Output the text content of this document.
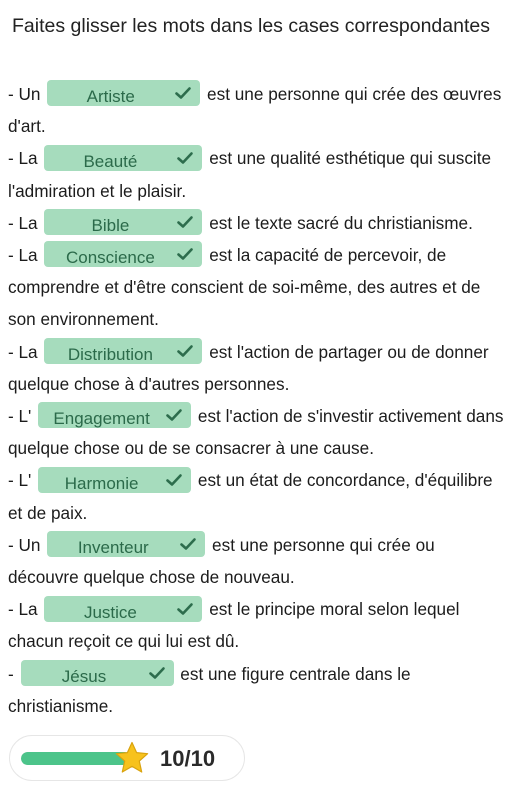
Faites glisser les mots dans les cases correspondantes
- Un	Artiste	est une personne qui crée des œuvres d'art.
- La	Beauté	est une qualité esthétique qui suscite l'admiration et le plaisir.
- La	Bible	est le texte sacré du christianisme.
- La Conscience	est la capacité de percevoir, de comprendre et d'être conscient de soi-même, des autres et de son environnement.
- La Distribution	est l'action de partager ou de donner quelque chose à d'autres personnes.
- L' Engagement	est l'action de s'investir activement dans quelque chose ou de se consacrer à une cause.
- L' Harmonie	est un état de concordance, d'équilibre et de paix.
- Un Inventeur	est une personne qui crée ou découvre quelque chose de nouveau.
- La	Justice	est le principe moral selon lequel chacun reçoit ce qui lui est dû.
-	Jésus	est une figure centrale dans le christianisme.
10/10
